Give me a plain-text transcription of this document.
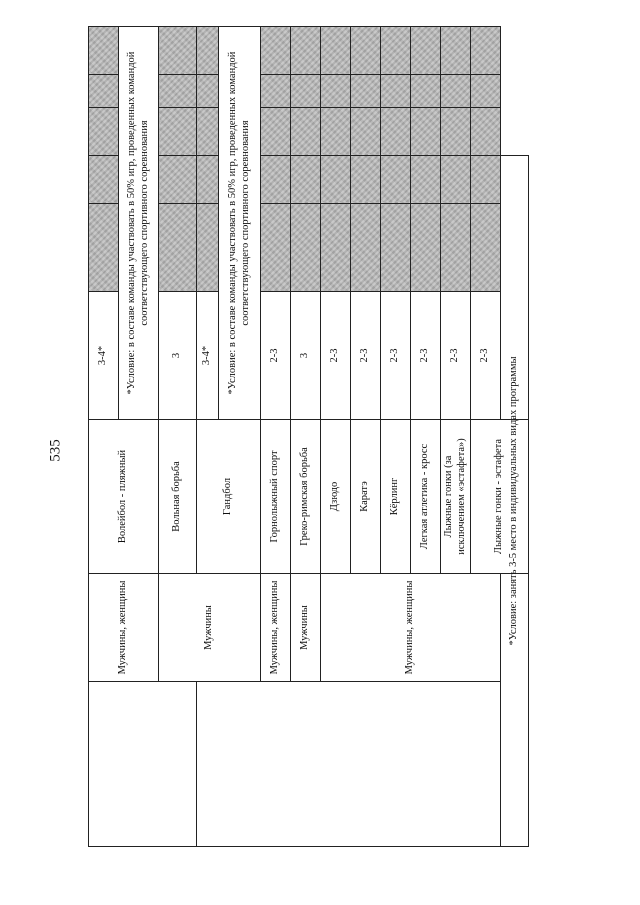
535
	Мужчины, женщины	Волейбол - пляжный	3-4*					
			*Условие: в составе команды участвовать в 50% игр, проведенных командой соответствующего спортивного соревнования					
	Мужчины	Вольная борьба	3					
		Гандбол	3-4*					
			*Условие: в составе команды участвовать в 50% игр, проведенных командой соответствующего спортивного соревнования					
	Мужчины, женщины	Горнолыжный спорт	2-3					
	Мужчины	Греко-римская борьба	3					
	Мужчины, женщины	Дзюдо	2-3					
		Каратэ	2-3					
		Кёрлинг	2-3					
		Легкая атлетика - кросс	2-3					
		Лыжные гонки (за исключением «эстафета»)	2-3					
		Лыжные гонки - эстафета	2-3					
*Условие: занять 3-5 место в индивидуальных видах программы								
